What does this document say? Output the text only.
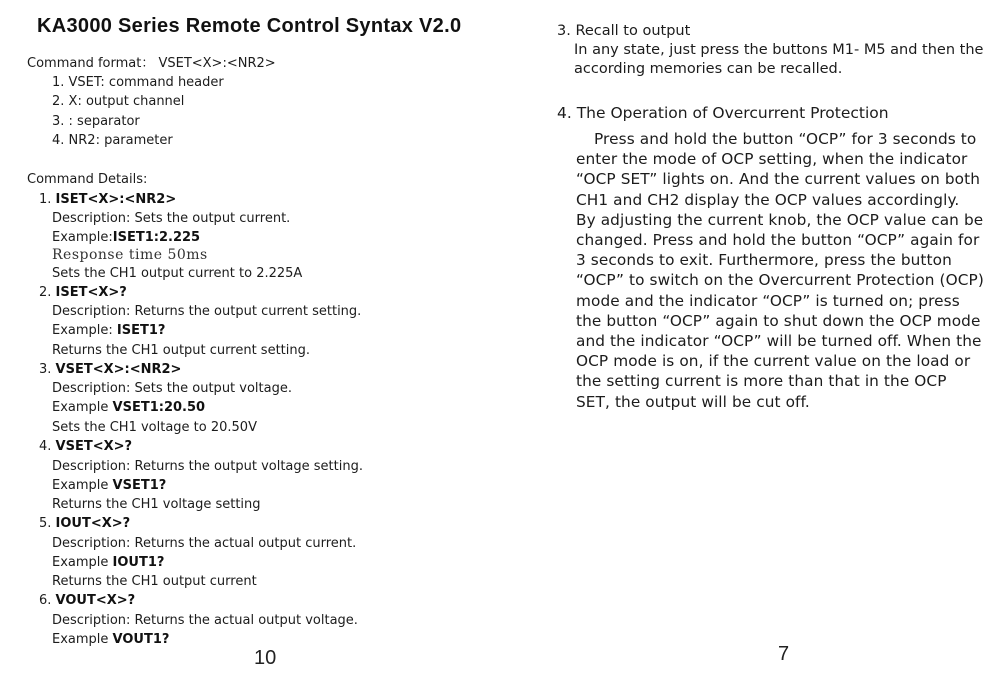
KA3000 Series Remote Control Syntax V2.0
Command format： VSET<X>:<NR2>
1. VSET: command header
2. X: output channel
3. : separator
4. NR2: parameter
Command Details:
1. ISET<X>:<NR2>
Description: Sets the output current.
Example:ISET1:2.225
Response time 50ms
Sets the CH1 output current to 2.225A
2. ISET<X>?
Description: Returns the output current setting.
Example: ISET1?
Returns the CH1 output current setting.
3. VSET<X>:<NR2>
Description: Sets the output voltage.
Example VSET1:20.50
Sets the CH1 voltage to 20.50V
4. VSET<X>?
Description: Returns the output voltage setting.
Example VSET1?
Returns the CH1 voltage setting
5. IOUT<X>?
Description: Returns the actual output current.
Example IOUT1?
Returns the CH1 output current
6. VOUT<X>?
Description: Returns the actual output voltage.
Example VOUT1?
10
3. Recall to output
In any state, just press the buttons M1- M5 and then the
according memories can be recalled.
4. The Operation of Overcurrent Protection
Press and hold the button “OCP” for 3 seconds to enter the mode of OCP setting, when the indicator “OCP SET” lights on. And the current values on both CH1 and CH2 display the OCP values accordingly. By adjusting the current knob, the OCP value can be changed. Press and hold the button “OCP” again for 3 seconds to exit. Furthermore, press the button “OCP” to switch on the Overcurrent Protection (OCP) mode and the indicator “OCP” is turned on; press the button “OCP” again to shut down the OCP mode and the indicator “OCP” will be turned off. When the OCP mode is on, if the current value on the load or the setting current is more than that in the OCP SET, the output will be cut off.
7
